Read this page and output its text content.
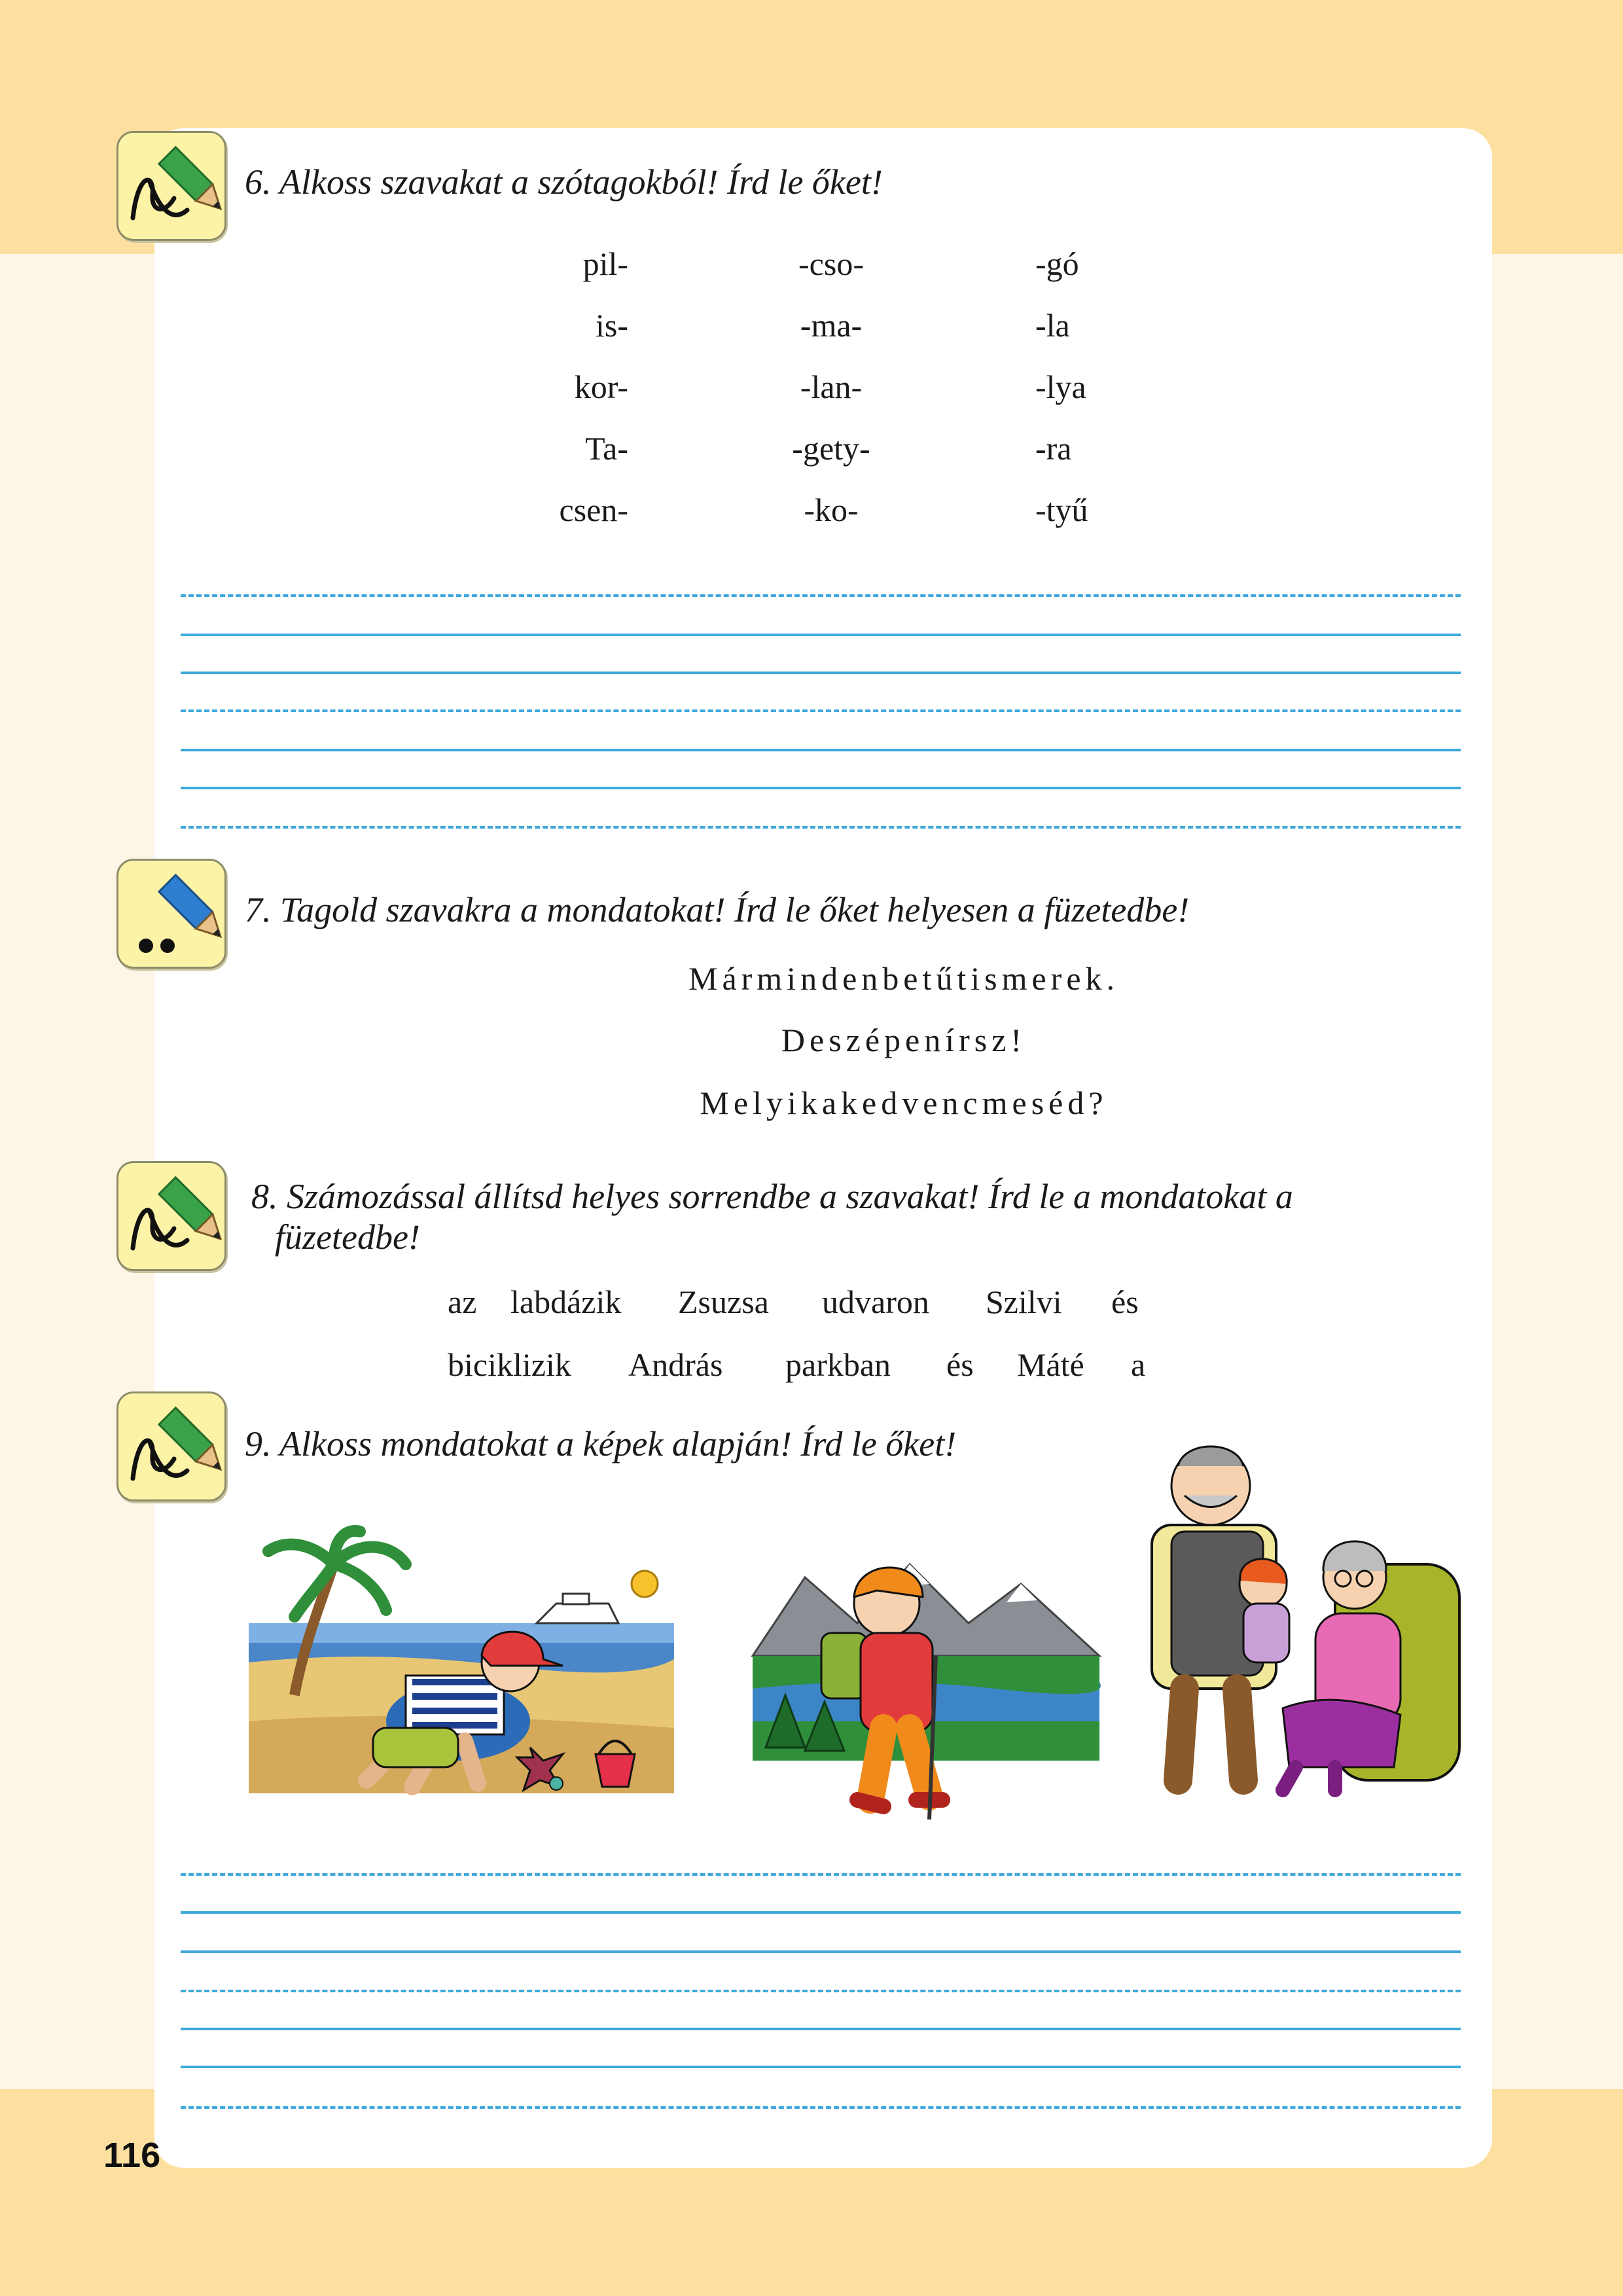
6. Alkoss szavakat a szótagokból! Írd le őket!
pil-
is-
kor-
Ta-
csen-
-cso-
-ma-
-lan-
-gety-
-ko-
-gó
-la
-lya
-ra
-tyű
7. Tagold szavakra a mondatokat! Írd le őket helyesen a füzetedbe!
Mármindenbetűtismerek.
Deszépenírsz!
Melyikakedvencmeséd?
8. Számozással állítsd helyes sorrendbe a szavakat! Írd le a mondatokat a
füzetedbe!
az labdázik Zsuzsa udvaron Szilvi és
biciklizik András parkban és Máté a
9. Alkoss mondatokat a képek alapján! Írd le őket!
116
